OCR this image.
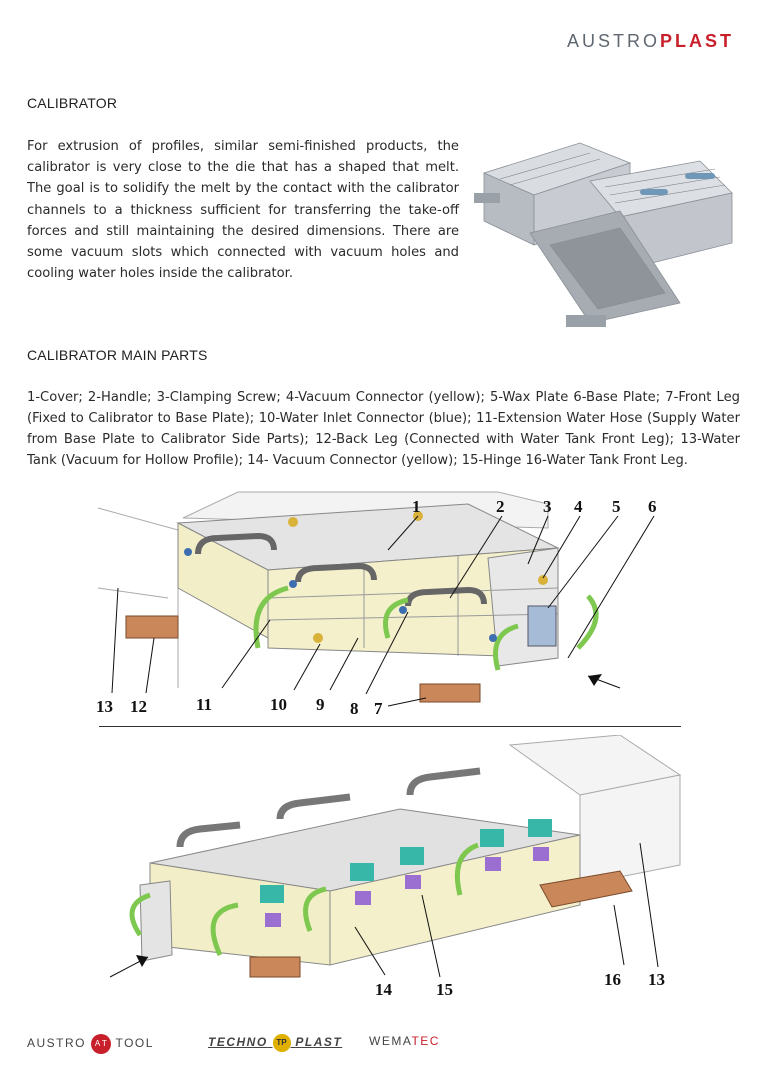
AUSTROPLAST
CALIBRATOR
For extrusion of profiles, similar semi-finished products, the calibrator is very close to the die that has a shaped that melt. The goal is to solidify the melt by the contact with the calibrator channels to a thickness sufficient for transferring the take-off forces and still maintaining the desired dimensions. There are some vacuum slots which connected with vacuum holes and cooling water holes inside the calibrator.
CALIBRATOR MAIN PARTS
1-Cover; 2-Handle; 3-Clamping Screw; 4-Vacuum Connector (yellow); 5-Wax Plate 6-Base Plate; 7-Front Leg (Fixed to Calibrator to Base Plate); 10-Water Inlet Connector (blue); 11-Extension Water Hose (Supply Water from Base Plate to Calibrator Side Parts); 12-Back Leg (Connected with Water Tank Front Leg); 13-Water Tank (Vacuum for Hollow Profile); 14- Vacuum Connector (yellow); 15-Hinge 16-Water Tank Front Leg.
1	2 3 4 5 6
13 12	11	10 9 8 7
14	15
16 13
AUSTRO A T TOOL	TECHNO TP PLAST WEMATEC
